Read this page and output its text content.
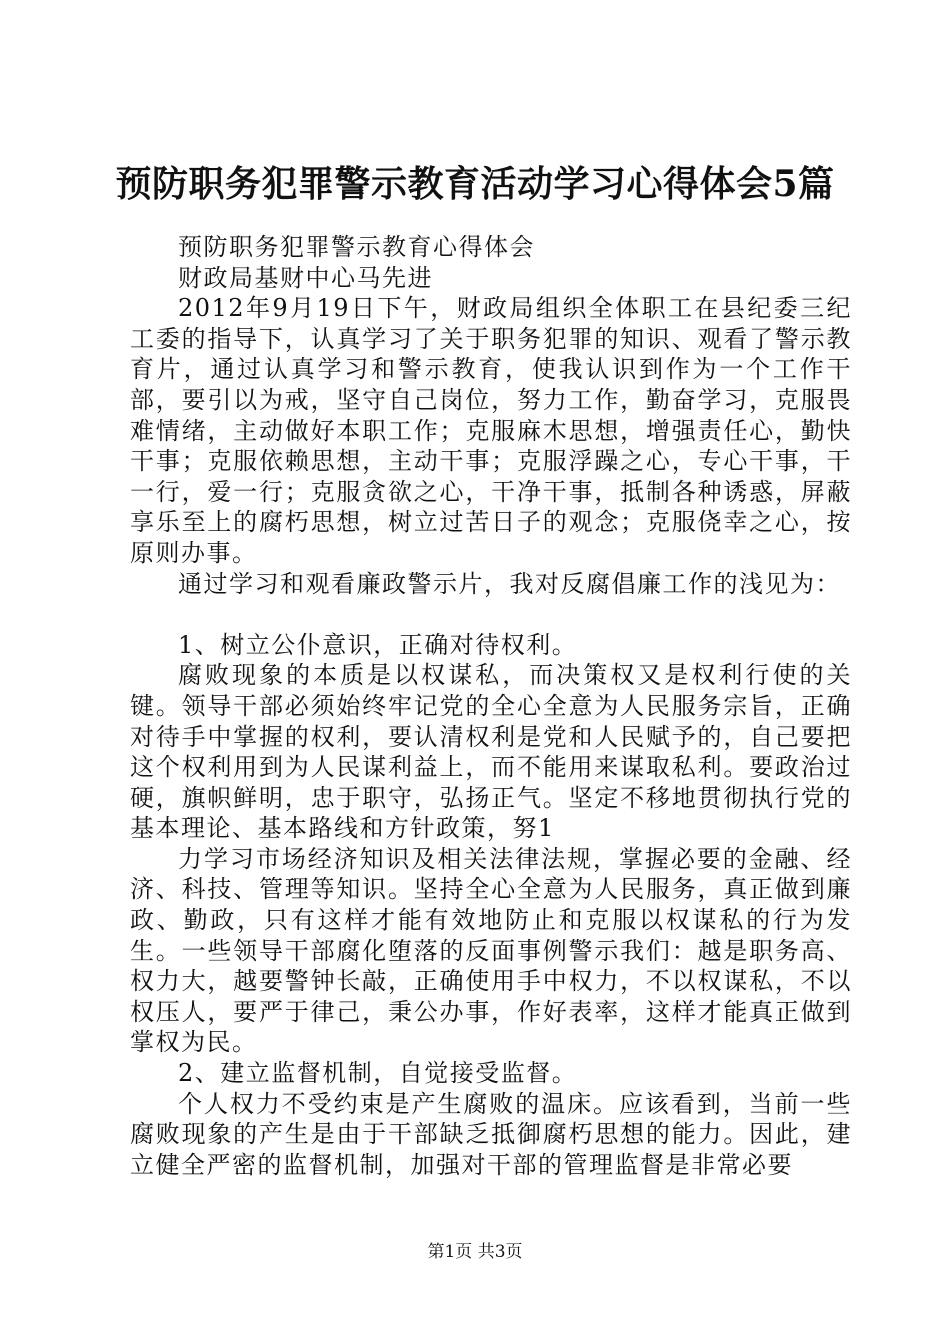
预防职务犯罪警示教育活动学习心得体会5篇

预防职务犯罪警示教育心得体会

财政局基财中心马先进

2012年9月19日下午，财政局组织全体职工在县纪委三纪工委的指导下，认真学习了关于职务犯罪的知识、观看了警示教育片，通过认真学习和警示教育，使我认识到作为一个工作干部，要引以为戒，坚守自己岗位，努力工作，勤奋学习，克服畏难情绪，主动做好本职工作；克服麻木思想，增强责任心，勤快干事；克服依赖思想，主动干事；克服浮躁之心，专心干事，干一行，爱一行；克服贪欲之心，干净干事，抵制各种诱惑，屏蔽享乐至上的腐朽思想，树立过苦日子的观念；克服侥幸之心，按原则办事。

通过学习和观看廉政警示片，我对反腐倡廉工作的浅见为：

1、树立公仆意识，正确对待权利。

腐败现象的本质是以权谋私，而决策权又是权利行使的关键。领导干部必须始终牢记党的全心全意为人民服务宗旨，正确对待手中掌握的权利，要认清权利是党和人民赋予的，自己要把这个权利用到为人民谋利益上，而不能用来谋取私利。要政治过硬，旗帜鲜明，忠于职守，弘扬正气。坚定不移地贯彻执行党的基本理论、基本路线和方针政策，努1

力学习市场经济知识及相关法律法规，掌握必要的金融、经济、科技、管理等知识。坚持全心全意为人民服务，真正做到廉政、勤政，只有这样才能有效地防止和克服以权谋私的行为发生。一些领导干部腐化堕落的反面事例警示我们：越是职务高、权力大，越要警钟长敲，正确使用手中权力，不以权谋私，不以权压人，要严于律己，秉公办事，作好表率，这样才能真正做到掌权为民。

2、建立监督机制，自觉接受监督。

个人权力不受约束是产生腐败的温床。应该看到，当前一些腐败现象的产生是由于干部缺乏抵御腐朽思想的能力。因此，建立健全严密的监督机制，加强对干部的管理监督是非常必要

第1页 共3页
